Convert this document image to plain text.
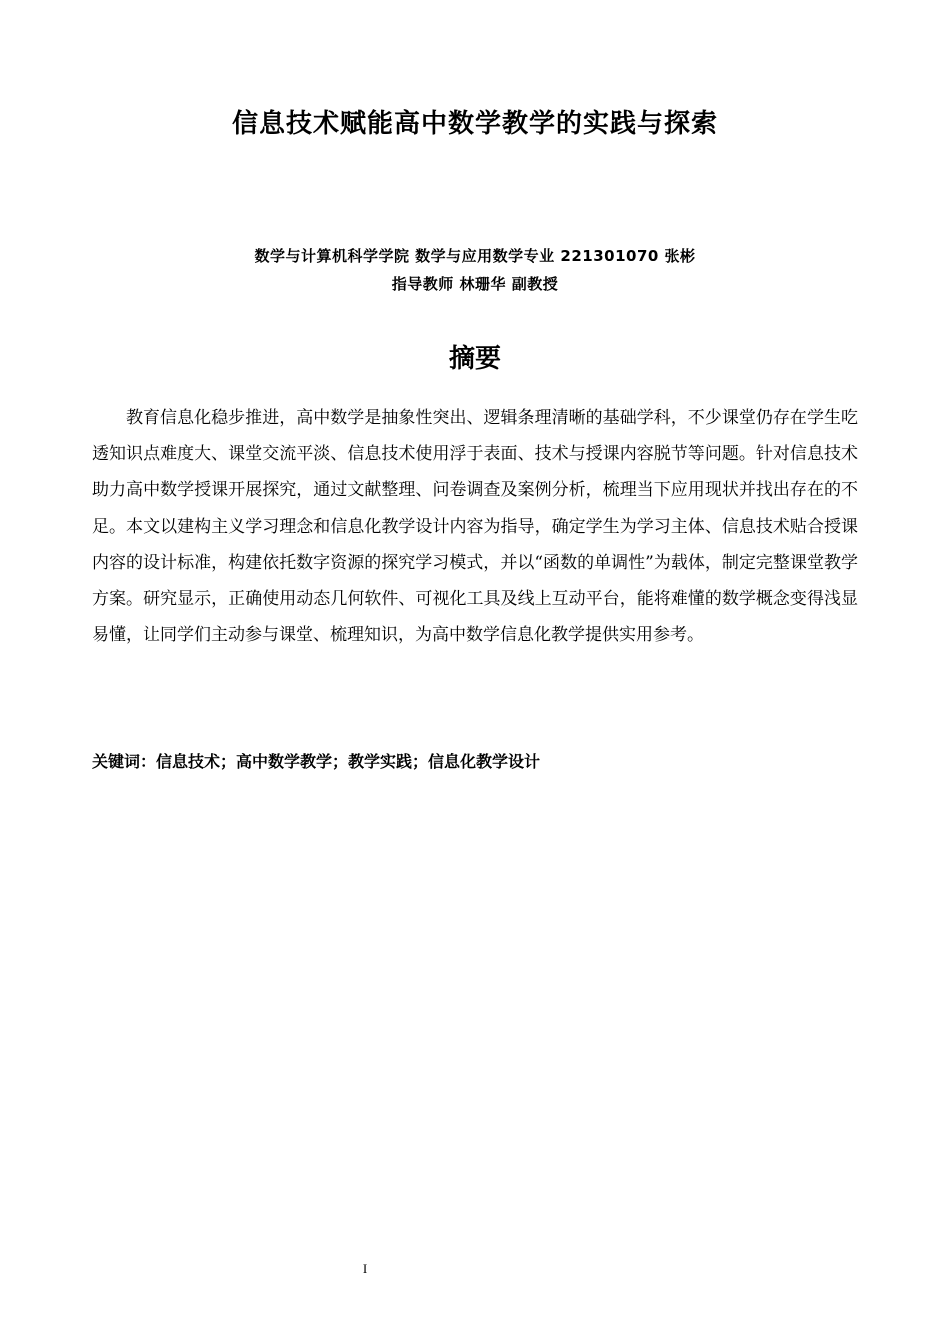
信息技术赋能高中数学教学的实践与探索
数学与计算机科学学院 数学与应用数学专业 221301070 张彬
指导教师 林珊华 副教授
摘要

教育信息化稳步推进，高中数学是抽象性突出、逻辑条理清晰的基础学科，不少课堂仍存在学生吃透知识点难度大、课堂交流平淡、信息技术使用浮于表面、技术与授课内容脱节等问题。针对信息技术助力高中数学授课开展探究，通过文献整理、问卷调查及案例分析，梳理当下应用现状并找出存在的不足。本文以建构主义学习理念和信息化教学设计内容为指导，确定学生为学习主体、信息技术贴合授课内容的设计标准，构建依托数字资源的探究学习模式，并以“函数的单调性”为载体，制定完整课堂教学方案。研究显示，正确使用动态几何软件、可视化工具及线上互动平台，能将难懂的数学概念变得浅显易懂，让同学们主动参与课堂、梳理知识，为高中数学信息化教学提供实用参考。

关键词：信息技术；高中数学教学；教学实践；信息化教学设计
I
